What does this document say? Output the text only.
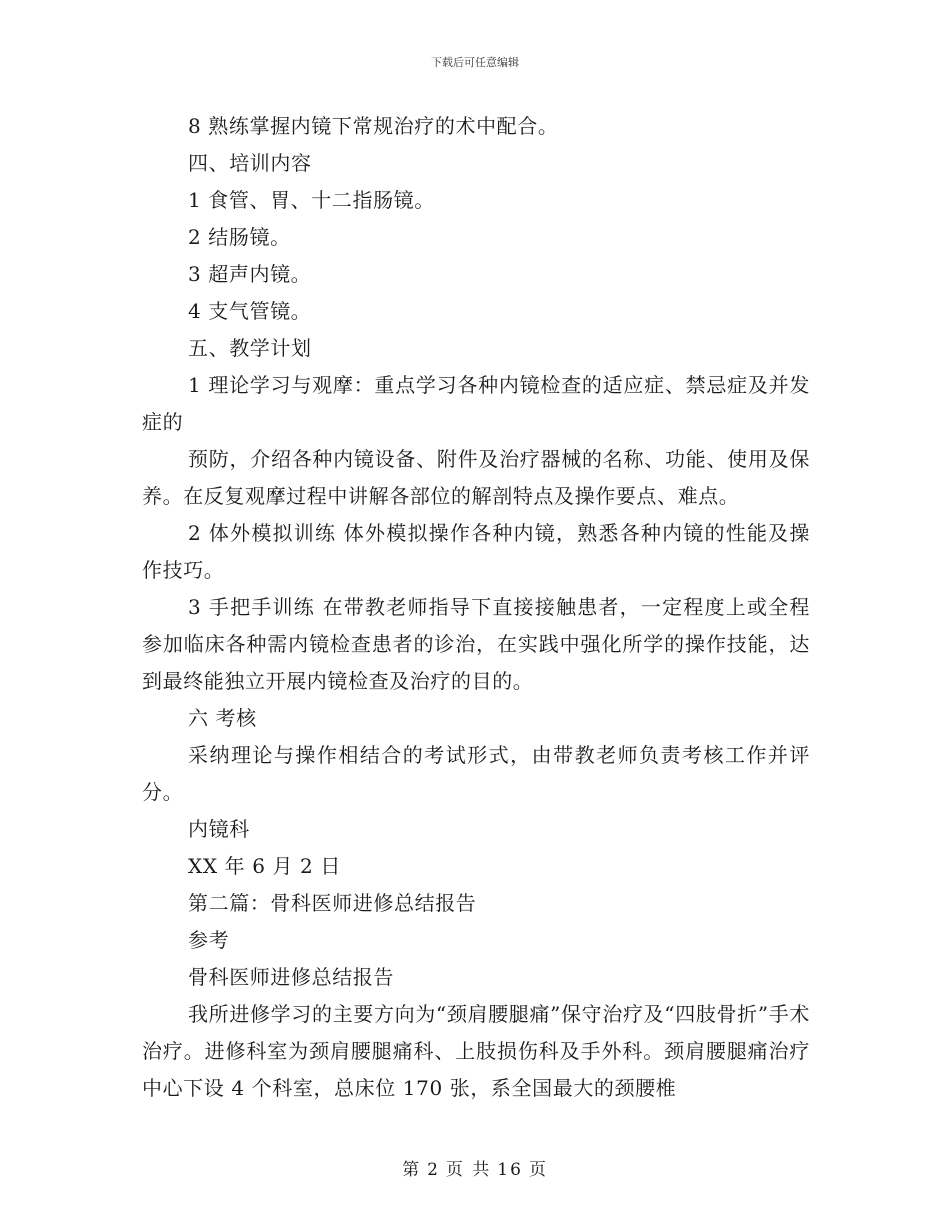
下载后可任意编辑

8 熟练掌握内镜下常规治疗的术中配合。

四、培训内容

1 食管、胃、十二指肠镜。

2 结肠镜。

3 超声内镜。

4 支气管镜。

五、教学计划

1 理论学习与观摩：重点学习各种内镜检查的适应症、禁忌症及并发症的

预防，介绍各种内镜设备、附件及治疗器械的名称、功能、使用及保养。在反复观摩过程中讲解各部位的解剖特点及操作要点、难点。

2 体外模拟训练 体外模拟操作各种内镜，熟悉各种内镜的性能及操作技巧。

3 手把手训练 在带教老师指导下直接接触患者，一定程度上或全程参加临床各种需内镜检查患者的诊治，在实践中强化所学的操作技能，达到最终能独立开展内镜检查及治疗的目的。

六 考核

采纳理论与操作相结合的考试形式，由带教老师负责考核工作并评分。

内镜科

XX 年 6 月 2 日

第二篇：骨科医师进修总结报告

参考

骨科医师进修总结报告

我所进修学习的主要方向为“颈肩腰腿痛”保守治疗及“四肢骨折”手术治疗。进修科室为颈肩腰腿痛科、上肢损伤科及手外科。颈肩腰腿痛治疗中心下设 4 个科室，总床位 170 张，系全国最大的颈腰椎

第 2 页 共 16 页
